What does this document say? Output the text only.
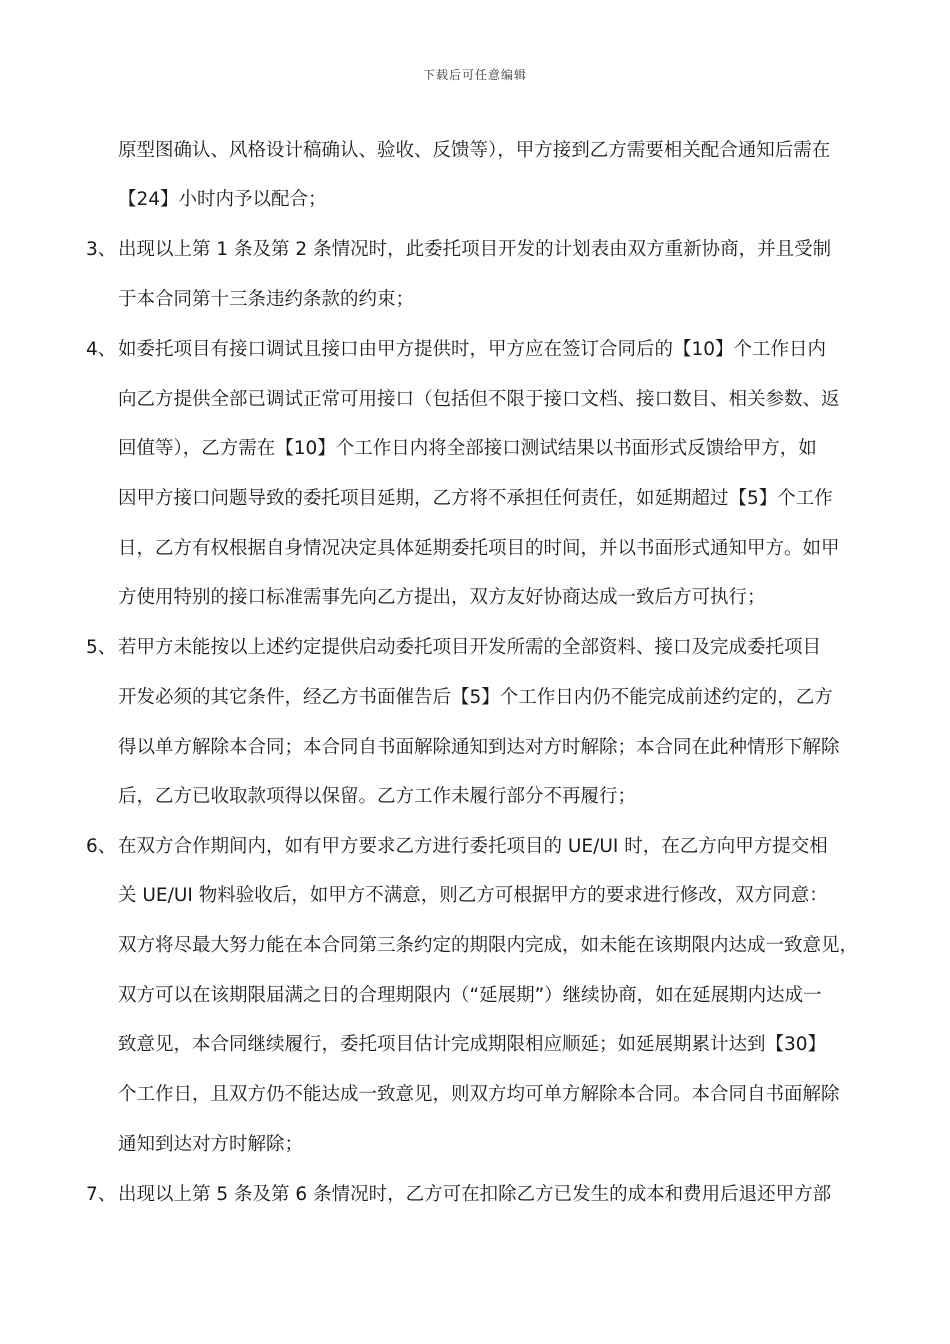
下载后可任意编辑
原型图确认、风格设计稿确认、验收、反馈等），甲方接到乙方需要相关配合通知后需在
【24】小时内予以配合；
3、 出现以上第 1 条及第 2 条情况时，此委托项目开发的计划表由双方重新协商，并且受制
于本合同第十三条违约条款的约束；
4、 如委托项目有接口调试且接口由甲方提供时，甲方应在签订合同后的【10】个工作日内
向乙方提供全部已调试正常可用接口（包括但不限于接口文档、接口数目、相关参数、返
回值等），乙方需在【10】个工作日内将全部接口测试结果以书面形式反馈给甲方，如
因甲方接口问题导致的委托项目延期，乙方将不承担任何责任，如延期超过【5】个工作
日，乙方有权根据自身情况决定具体延期委托项目的时间，并以书面形式通知甲方。如甲
方使用特别的接口标准需事先向乙方提出，双方友好协商达成一致后方可执行；
5、 若甲方未能按以上述约定提供启动委托项目开发所需的全部资料、接口及完成委托项目
开发必须的其它条件，经乙方书面催告后【5】个工作日内仍不能完成前述约定的，乙方
得以单方解除本合同；本合同自书面解除通知到达对方时解除；本合同在此种情形下解除
后，乙方已收取款项得以保留。乙方工作未履行部分不再履行；
6、 在双方合作期间内，如有甲方要求乙方进行委托项目的 UE/UI 时，在乙方向甲方提交相
关 UE/UI 物料验收后，如甲方不满意，则乙方可根据甲方的要求进行修改，双方同意：
双方将尽最大努力能在本合同第三条约定的期限内完成，如未能在该期限内达成一致意见，
双方可以在该期限届满之日的合理期限内（“延展期”）继续协商，如在延展期内达成一
致意见，本合同继续履行，委托项目估计完成期限相应顺延；如延展期累计达到【30】
个工作日，且双方仍不能达成一致意见，则双方均可单方解除本合同。本合同自书面解除
通知到达对方时解除；
7、 出现以上第 5 条及第 6 条情况时，乙方可在扣除乙方已发生的成本和费用后退还甲方部
